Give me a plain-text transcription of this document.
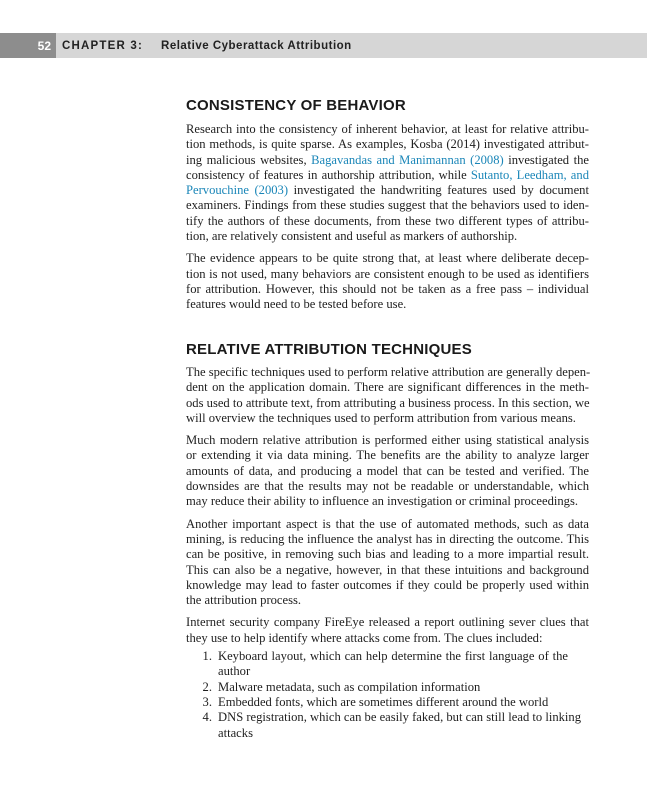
52 CHAPTER 3: Relative Cyberattack Attribution
CONSISTENCY OF BEHAVIOR
Research into the consistency of inherent behavior, at least for relative attribu-
tion methods, is quite sparse. As examples, Kosba (2014) investigated attribut-
ing malicious websites, Bagavandas and Manimannan (2008) investigated the
consistency of features in authorship attribution, while Sutanto, Leedham, and
Pervouchine (2003) investigated the handwriting features used by document
examiners. Findings from these studies suggest that the behaviors used to iden-
tify the authors of these documents, from these two different types of attribu-
tion, are relatively consistent and useful as markers of authorship.
The evidence appears to be quite strong that, at least where deliberate decep-
tion is not used, many behaviors are consistent enough to be used as identifiers
for attribution. However, this should not be taken as a free pass – individual
features would need to be tested before use.
RELATIVE ATTRIBUTION TECHNIQUES
The specific techniques used to perform relative attribution are generally depen-
dent on the application domain. There are significant differences in the meth-
ods used to attribute text, from attributing a business process. In this section, we
will overview the techniques used to perform attribution from various means.
Much modern relative attribution is performed either using statistical analysis
or extending it via data mining. The benefits are the ability to analyze larger
amounts of data, and producing a model that can be tested and verified. The
downsides are that the results may not be readable or understandable, which
may reduce their ability to influence an investigation or criminal proceedings.
Another important aspect is that the use of automated methods, such as data
mining, is reducing the influence the analyst has in directing the outcome. This
can be positive, in removing such bias and leading to a more impartial result.
This can also be a negative, however, in that these intuitions and background
knowledge may lead to faster outcomes if they could be properly used within
the attribution process.
Internet security company FireEye released a report outlining sever clues that
they use to help identify where attacks come from. The clues included:
1. Keyboard layout, which can help determine the first language of the
author
2. Malware metadata, such as compilation information
3. Embedded fonts, which are sometimes different around the world
4. DNS registration, which can be easily faked, but can still lead to linking
attacks
